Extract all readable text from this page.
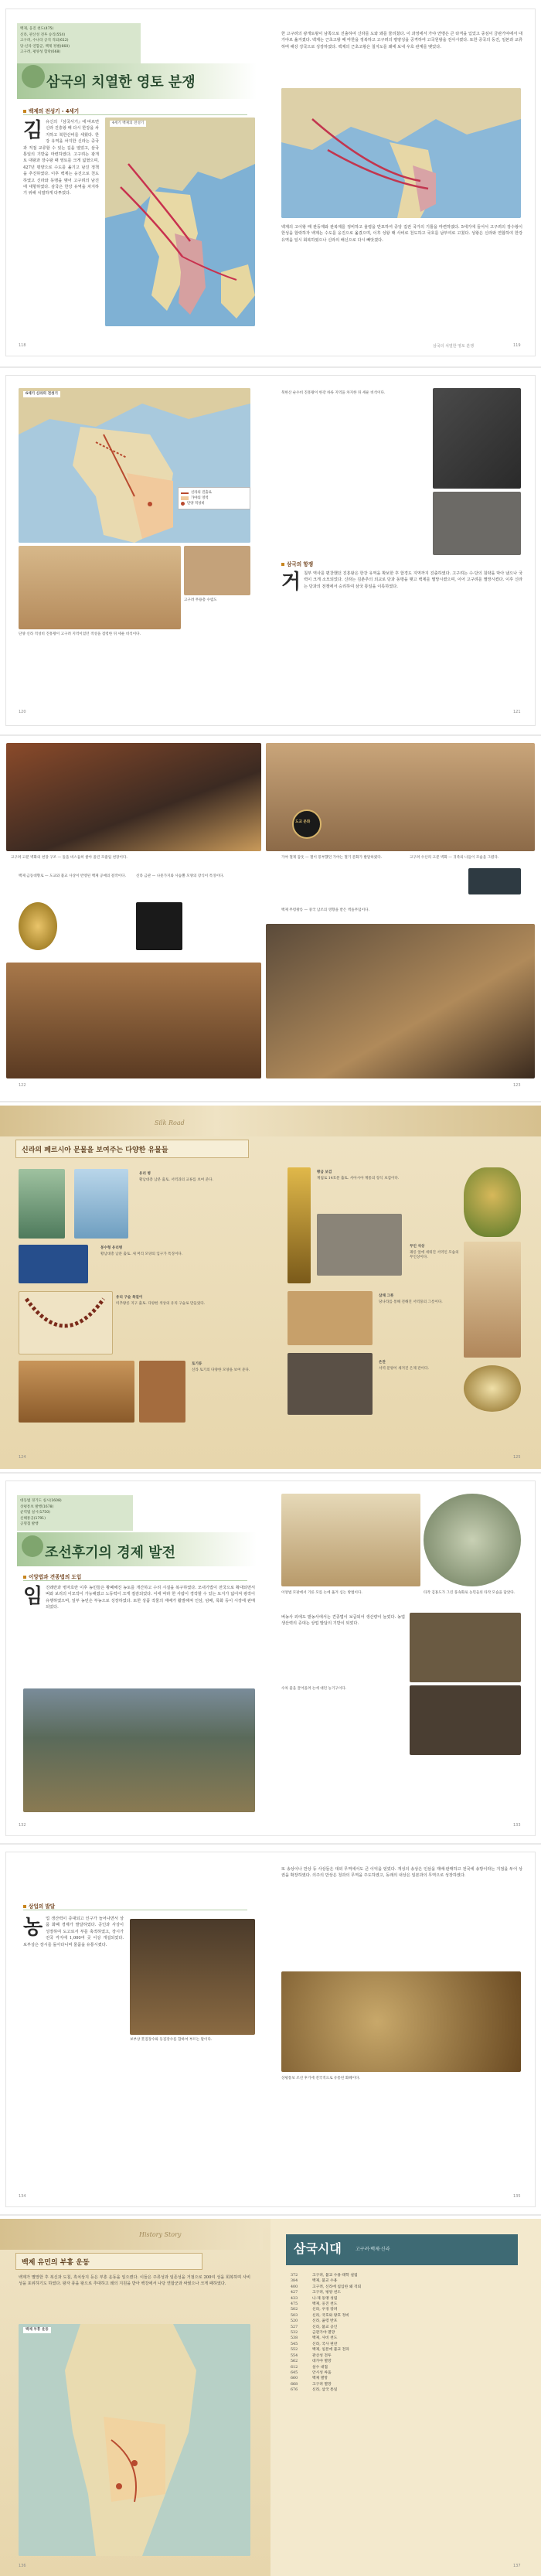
백제, 웅진 천도(475)
신라, 관산성 전투 승리(554)
고구려, 수나라 공격 격퇴(612)
당·신라 연합군, 백제 정벌(660)
고구려, 평양성 함락(668)
삼국의 치열한 영토 분쟁
백제의 전성기 - 4세기
김유신의 『삼국사기』에 따르면 신라 진흥왕 때 다시 한강을 차지하고 북한산비를 세웠다. 한강 유역을 차지한 신라는 중국과 직접 교류할 수 있는 길을 열었고, 삼국 통일의 기반을 마련하였다. 고구려는 광개토 대왕과 장수왕 때 영토를 크게 넓혔으며, 427년 평양으로 수도를 옮기고 남진 정책을 추진하였다. 이후 백제는 웅진으로 천도하였고 신라와 동맹을 맺어 고구려의 남진에 대항하였다. 삼국은 한강 유역을 차지하기 위해 치열하게 다투었다.
4세기 백제의 전성기
118
한 고구려의 광개토왕이 남쪽으로 진출하여 신라를 도와 왜를 물리쳤다. 이 과정에서 가야 연맹은 큰 타격을 입었고 중심이 금관가야에서 대가야로 옮겨졌다. 백제는 근초고왕 때 마한을 정복하고 고구려의 평양성을 공격하여 고국원왕을 전사시켰다. 또한 중국의 동진, 일본과 교류하며 해상 강국으로 성장하였다. 백제의 근초고왕은 칠지도를 왜에 보내 우호 관계를 맺었다.
백제의 고이왕 때 관등제와 관복제를 정비하고 율령을 반포하여 중앙 집권 국가의 기틀을 마련하였다. 5세기에 들어서 고구려의 장수왕이 한성을 함락하자 백제는 수도를 웅진으로 옮겼으며, 이후 성왕 때 사비로 천도하고 국호를 남부여로 고쳤다. 성왕은 신라와 연합하여 한강 유역을 일시 회복하였으나 신라의 배신으로 다시 빼앗겼다.
삼국의 치열한 영토 분쟁	119
6세기 신라의 전성기
신라의 진출로
가야의 영역
단양 적성비
고구려 무용총 수렵도
단양 신라 적성비 진흥왕이 고구려 지역이었던 적성을 점령한 뒤 세운 비석이다.
120
북한산 순수비 진흥왕이 한강 하류 지역을 차지한 뒤 세운 비석이다.
삼국의 항쟁
거칠부 역사를 편찬했던 진흥왕은 한강 유역을 확보한 후 함경도 지역까지 진출하였다. 고구려는 수·당의 침략을 막아 냈으나 국력이 크게 소모되었다. 신라는 김춘추의 외교로 당과 동맹을 맺고 백제를 멸망시켰으며, 이어 고구려를 멸망시켰다. 이후 신라는 당과의 전쟁에서 승리하여 삼국 통일을 이룩하였다.
121
도교 문화
고구려 고분 벽화의 천장 구조 — 돌을 비스듬히 쌓아 올린 모줄임 천장이다.
백제 금동대향로 — 도교와 불교 사상이 반영된 백제 공예의 걸작이다.	신라 금관 — 나뭇가지와 사슴뿔 모양의 장식이 특징이다.
가야 철제 갑옷 — 철이 풍부했던 가야는 철기 문화가 발달하였다.	고구려 수산리 고분 벽화 — 귀족의 나들이 모습을 그렸다.
백제 무령왕릉 — 중국 남조의 영향을 받은 벽돌무덤이다.
122	123
Silk Road
신라의 페르시아 문물을 보여주는 다양한 유물들
유리 병
황남대총 남분 출토. 서역과의 교류를 보여 준다.
봉수형 유리병
황남대총 남분 출토. 새 머리 모양의 입구가 특징이다.
유리 구슬 목걸이
미추왕릉 지구 출토. 다양한 색상의 유리 구슬로 만들었다.
토기류
신라 토기의 다양한 모양을 보여 준다.
황금 보검
계림로 14호분 출토. 서아시아 계통의 장식 보검이다.
무인 석상
괘릉 앞에 세워진 서역인 모습의 무인상이다.
삼채 그릇
당나라를 통해 전해진 서역풍의 그릇이다.
은잔
서역 문양이 새겨진 은제 잔이다.
124	125
대동법 경기도 실시(1608)
상평통보 발행(1678)
균역법 실시(1750)
신해통공(1791)
공명첩 발행
조선후기의 경제 발전
이앙법과 견종법의 도입
임진왜란과 병자호란 이후 농민들은 황폐해진 농토를 개간하고 수리 시설을 복구하였다. 모내기법이 전국으로 확대되면서 벼와 보리의 이모작이 가능해졌고 노동력이 크게 절감되었다. 이에 따라 한 사람이 경작할 수 있는 토지가 넓어져 광작이 유행하였으며, 일부 농민은 부농으로 성장하였다. 또한 상품 작물의 재배가 활발해져 인삼, 담배, 목화 등이 시장에 판매되었다.
132
이앙법 모판에서 기른 모를 논에 옮겨 심는 방법이다.	타작 김홍도가 그린 풍속화로 농민들의 타작 모습을 담았다.
벼농사 외에도 밭농사에서는 견종법이 보급되어 생산량이 늘었다. 농업 생산력의 증대는 상업 발달의 기반이 되었다.
수차 물을 끌어올려 논에 대던 농기구이다.
133
상업의 발달
농업 생산력이 증대되고 인구가 늘어나면서 상품 화폐 경제가 발달하였다. 공인과 사상이 성장하여 도고로서 부를 축적하였고, 장시가 전국 각지에 1,000여 곳 이상 개설되었다. 보부상은 장시를 돌아다니며 물품을 유통시켰다.
보부상 봇짐장수와 등짐장수를 합하여 부르는 말이다.
134
또 송상이나 만상 등 사상들은 대외 무역에서도 큰 이익을 얻었다. 개성의 송상은 인삼을 재배·판매하고 전국에 송방이라는 지점을 두어 상권을 확장하였다. 의주의 만상은 청과의 무역을 주도하였고, 동래의 내상은 일본과의 무역으로 성장하였다.
상평통보 조선 후기에 전국적으로 유통된 화폐이다.
135
History Story
백제 유민의 부흥 운동
백제가 멸망한 후 복신과 도침, 흑치상지 등은 부흥 운동을 일으켰다. 이들은 주류성과 임존성을 거점으로 200여 성을 회복하며 사비성을 포위하기도 하였다. 왕자 풍을 왕으로 추대하고 왜의 지원을 받아 백강에서 나당 연합군과 싸웠으나 크게 패하였다.
백제 부흥 운동
136
삼국시대	고구려·백제·신라
372	고구려, 불교 수용·태학 설립
384	백제, 불교 수용
400	고구려, 신라에 침입한 왜 격퇴
427	고구려, 평양 천도
433	나·제 동맹 성립
475	백제, 웅진 천도
502	신라, 우경 장려
503	신라, 국호와 왕호 정비
520	신라, 율령 반포
527	신라, 불교 공인
532	금관가야 멸망
538	백제, 사비 천도
545	신라, 국사 편찬
552	백제, 일본에 불교 전파
554	관산성 전투
562	대가야 멸망
612	살수 대첩
645	안시성 싸움
660	백제 멸망
668	고구려 멸망
676	신라, 삼국 통일
137
